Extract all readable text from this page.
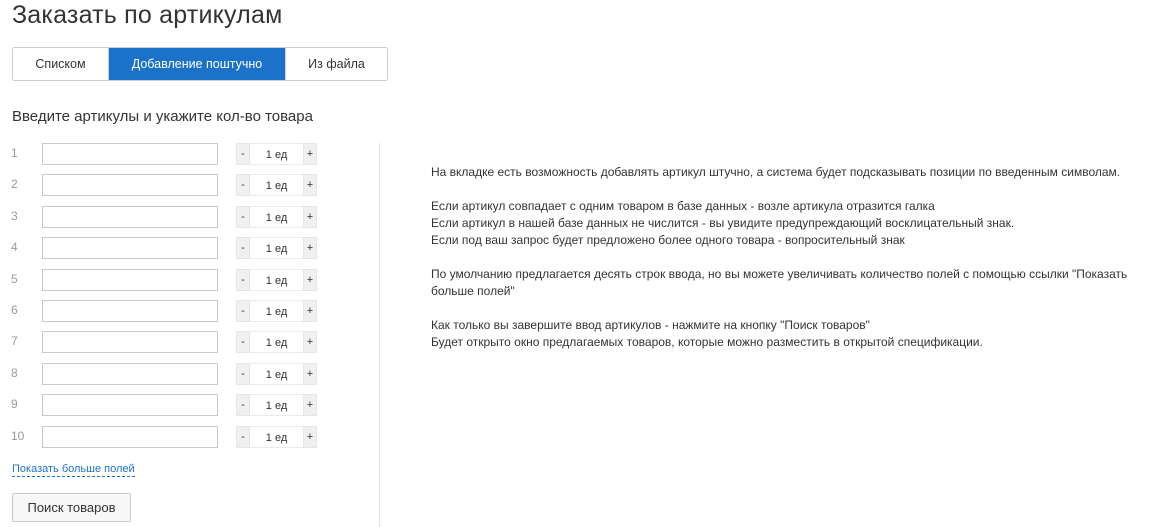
Заказать по артикулам
Списком	Добавление поштучно	Из файла
Введите артикулы и укажите кол-во товара
1	-	1 ед	+
2	-	1 ед	+
3	-	1 ед	+
4	-	1 ед	+
5	-	1 ед	+
6	-	1 ед	+
7	-	1 ед	+
8	-	1 ед	+
9	-	1 ед	+
10	-	1 ед	+
Показать больше полей
Поиск товаров

На вкладке есть возможность добавлять артикул штучно, а система будет подсказывать позиции по введенным символам.

Если артикул совпадает с одним товаром в базе данных - возле артикула отразится галка

Если артикул в нашей базе данных не числится - вы увидите предупреждающий восклицательный знак.

Если под ваш запрос будет предложено более одного товара - вопросительный знак

По умолчанию предлагается десять строк ввода, но вы можете увеличивать количество полей с помощью ссылки "Показать больше полей"

Как только вы завершите ввод артикулов - нажмите на кнопку "Поиск товаров"

Будет открыто окно предлагаемых товаров, которые можно разместить в открытой спецификации.
